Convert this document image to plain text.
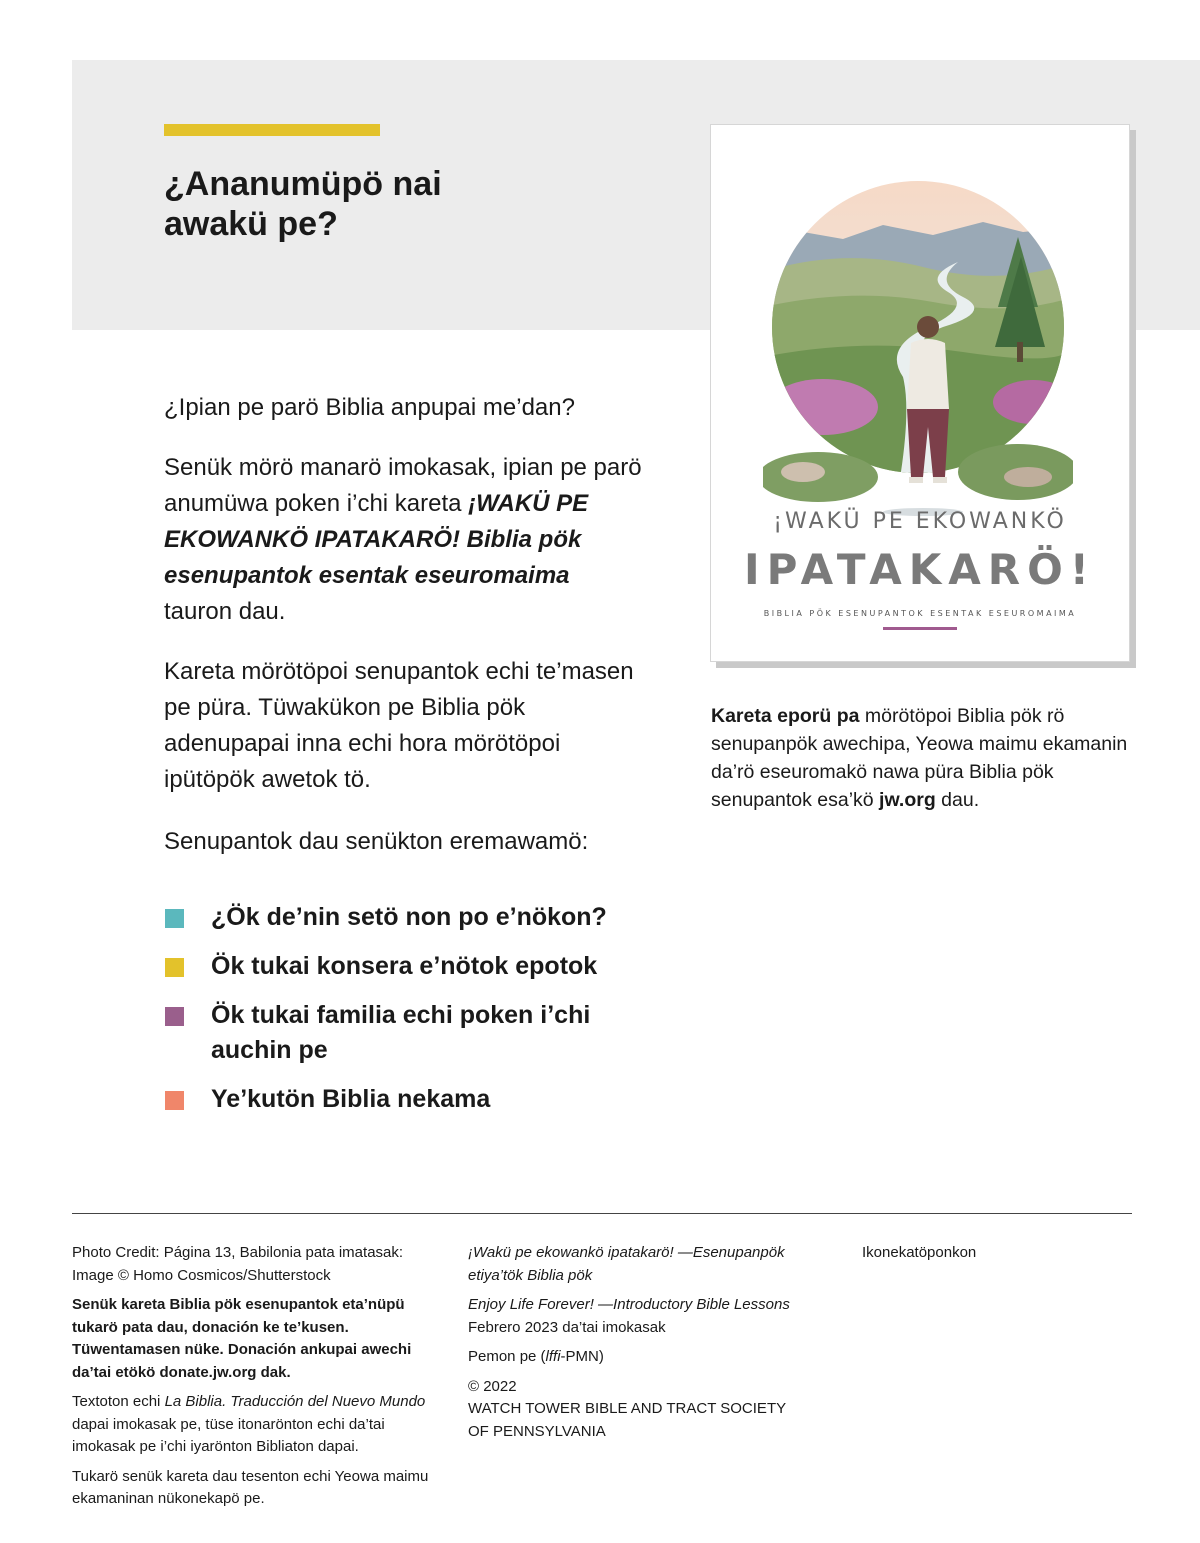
¿Ananumüpö nai
awakü pe?
¡WAKÜ PE EKOWANKÖ
IPATAKARÖ!
BIBLIA PÖK ESENUPANTOK ESENTAK ESEUROMAIMA

Kareta eporü pa mörötöpoi Biblia pök rö senupanpök awechipa, Yeowa maimu ekamanin da’rö eseuromakö nawa püra Biblia pök senupantok esa’kö jw.org dau.

¿Ipian pe parö Biblia anpupai me’dan?

Senük mörö manarö imokasak, ipian pe parö anumüwa poken i’chi kareta ¡WAKÜ PE EKOWANKÖ IPATAKARÖ! Biblia pök esenupantok esentak eseuromaima tauron dau.

Kareta mörötöpoi senupantok echi te’masen pe püra. Tüwakükon pe Biblia pök adenupapai inna echi hora mörötöpoi ipütöpök awetok tö.

Senupantok dau senükton eremawamö:

¿Ök de’nin setö non po e’nökon?
Ök tukai konsera e’nötok epotok
Ök tukai familia echi poken i’chi auchin pe
Ye’kutön Biblia nekama

Photo Credit: Página 13, Babilonia pata imatasak: Image © Homo Cosmicos/Shutterstock

Senük kareta Biblia pök esenupantok eta’nüpü tukarö pata dau, donación ke te’kusen. Tüwentamasen nüke. Donación ankupai awechi da’tai etökö donate.jw.org dak.

Textoton echi La Biblia. Traducción del Nuevo Mundo dapai imokasak pe, tüse itonarönton echi da’tai imokasak pe i’chi iyarönton Bibliaton dapai.

Tukarö senük kareta dau tesenton echi Yeowa maimu ekamaninan nükonekapö pe.

¡Wakü pe ekowankö ipatakarö! —Esenupanpök etiya’tök Biblia pök

Enjoy Life Forever! —Introductory Bible Lessons
Febrero 2023 da’tai imokasak

Pemon pe (lffi-PMN)

© 2022
WATCH TOWER BIBLE AND TRACT SOCIETY OF PENNSYLVANIA

Ikonekatöponkon
